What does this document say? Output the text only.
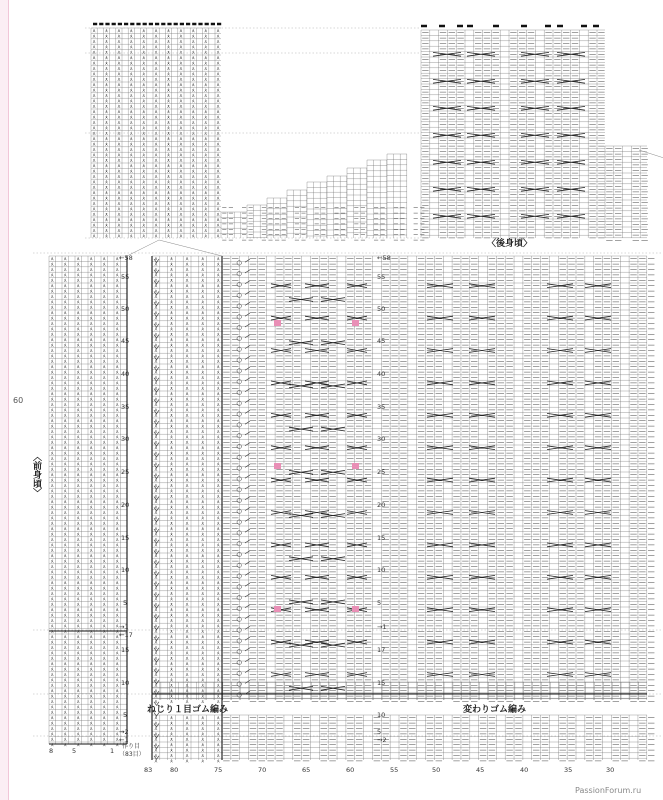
〈後身頃〉
〈前身頃〉
ねじり１目ゴム編み	変わりゴム編み
60
作り目
（83目）
PassionForum.ru
←58
55
50
45
40
35
30
25
20
15
10
5
→1
←17
15
10
5
→2
←1
←58
55
50
45
40
35
30
25
20
15
10
5
→1
17
15
10
5
→2
8	5	1
83	80	75	70	65	60	55	50	45	40	35	30
